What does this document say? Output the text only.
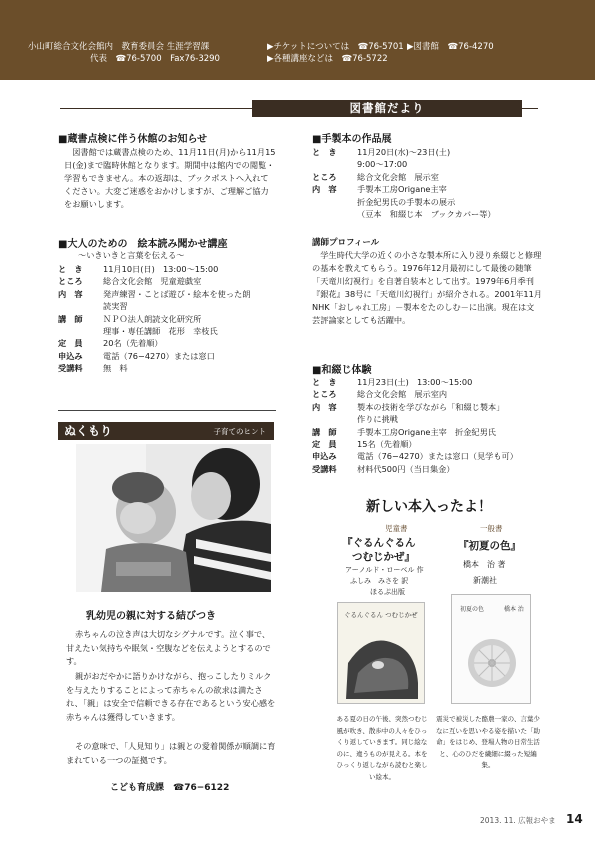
小山町総合文化会館内　教育委員会 生涯学習課
代表　☎76-5700　Fax76-3290
▶チケットについては　☎76-5701 ▶図書館　☎76-4270
▶各種講座などは　☎76-5722
図書館だより
■蔵書点検に伴う休館のお知らせ
図書館では蔵書点検のため、11月11日(月)から11月15日(金)まで臨時休館となります。期間中は館内での閲覧・学習もできません。本の返却は、ブックポストへ入れてください。大変ご迷惑をおかけしますが、ご理解ご協力をお願いします。
■大人のための　絵本読み聞かせ講座
〜いきいきと言葉を伝える〜
と　き	11月10日(日)　13:00〜15:00
ところ	総合文化会館　児童遊戯室
内　容	発声練習・ことば遊び・絵本を使った朗
読実習
講　師	ＮＰＯ法人朗読文化研究所
理事・専任講師　花形　幸枝氏
定　員	20名（先着順）
申込み	電話（76−4270）または窓口
受講料	無　料
ぬくもり	子育てのヒント
乳幼児の親に対する結びつき
赤ちゃんの泣き声は大切なシグナルです。泣く事で、甘えたい気持ちや眠気・空腹などを伝えようとするのです。
親がおだやかに語りかけながら、抱っこしたりミルクを与えたりすることによって赤ちゃんの欲求は満たされ、「親」は安全で信頼できる存在であるという安心感を赤ちゃんは獲得していきます。
その意味で、「人見知り」は親との愛着関係が順調に育まれている一つの証拠です。
こども育成課　☎76−6122
■手製本の作品展
と　き	11月20日(水)〜23日(土)
9:00〜17:00
ところ	総合文化会館　展示室
内　容	手製本工房Origane主宰
折金紀男氏の手製本の展示
（豆本　和綴じ本　ブックカバー等）
講師プロフィール
学生時代大学の近くの小さな製本所に入り浸り糸綴じと修理の基本を教えてもらう。1976年12月最初にして最後の随筆「天竜川幻視行」を自著自装本として出す。1979年6月季刊『銀花』38号に「天竜川幻視行」が紹介される。2001年11月NHK「おしゃれ工房」－製本をたのしむ－に出演。現在は文芸評論家としても活躍中。
■和綴じ体験
と　き	11月23日(土)　13:00〜15:00
ところ	総合文化会館　展示室内
内　容	製本の技術を学びながら「和綴じ製本」
作りに挑戦
講　師	手製本工房Origane主宰　折金紀男氏
定　員	15名（先着順）
申込み	電話（76−4270）または窓口（見学も可）
受講料	材料代500円（当日集金）
新しい本入ったよ！
児童書
『ぐるんぐるん
つむじかぜ』
アーノルド・ローベル 作
ふしみ　みさを 訳
ほるぷ出版
ぐるんぐるん つむじかぜ
ある夏の日の午後、突然つむじ風が吹き、散歩中の人々をひっくり返していきます。同じ絵なのに、違うものが見える。本をひっくり返しながら読むと楽しい絵本。
一般書
『初夏の色』
橋本　治 著
新潮社
初夏の色	橋本 治
震災で被災した酪農一家の、言葉少なに互いを思いやる姿を描いた「助命」をはじめ、登場人物の日常生活と、心のひだを繊細に綴った短編集。
2013. 11. 広報おやま 14
